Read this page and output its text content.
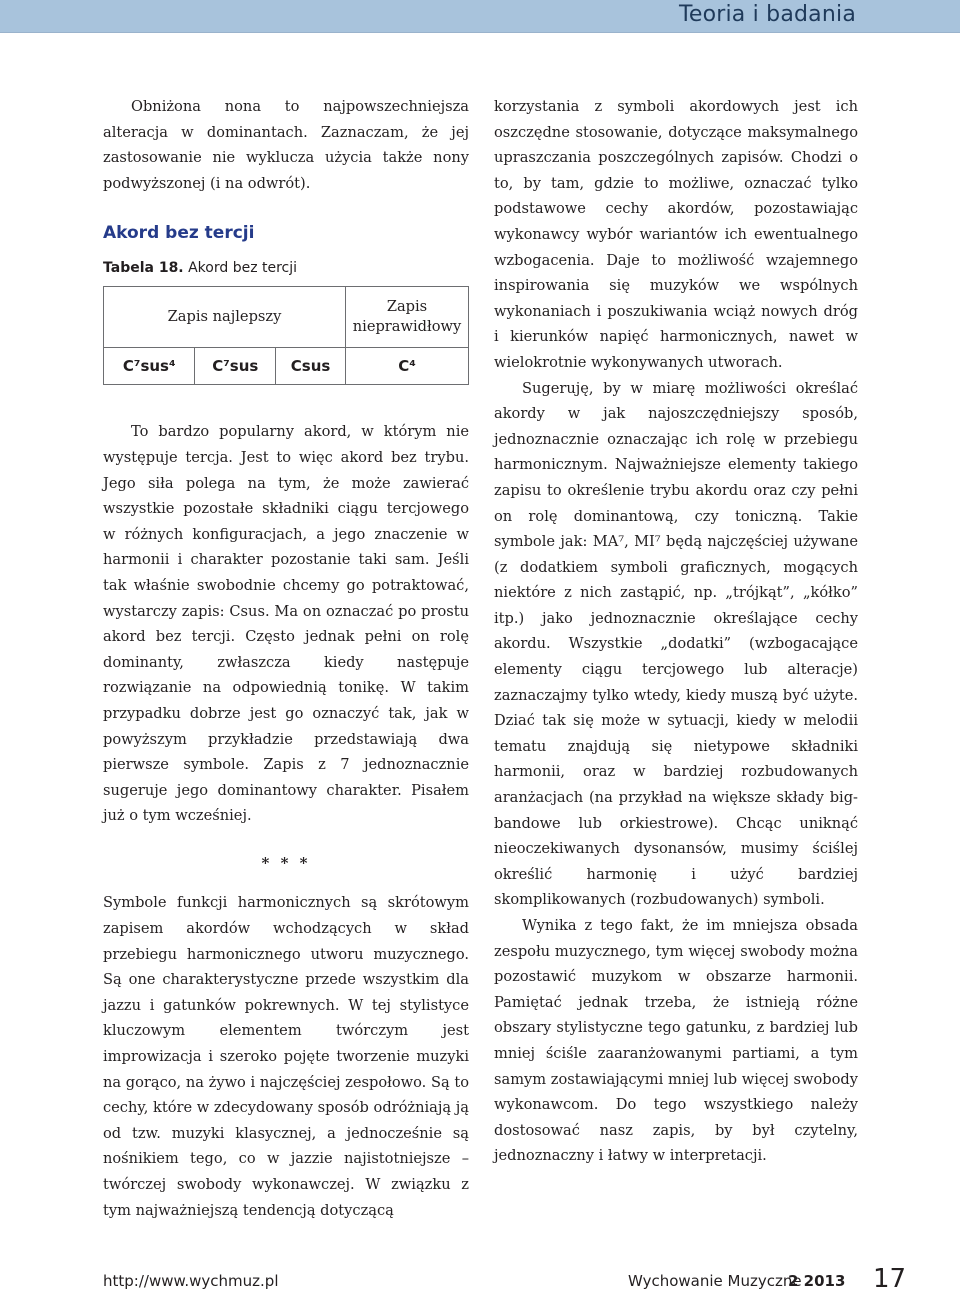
Teoria i badania

Obniżona nona to najpowszechniejsza alteracja w dominantach. Zaznaczam, że jej zastosowanie nie wyklucza użycia także nony podwyższonej (i na odwrót).

Akord bez tercji
Tabela 18. Akord bez tercji
Zapis najlepszy			Zapis nieprawidłowy
C⁷sus⁴	C⁷sus	Csus	C⁴

To bardzo popularny akord, w którym nie występuje tercja. Jest to więc akord bez trybu. Jego siła polega na tym, że może zawierać wszystkie pozostałe składniki ciągu tercjowego w różnych konfiguracjach, a jego znaczenie w harmonii i charakter pozostanie taki sam. Jeśli tak właśnie swobodnie chcemy go potraktować, wystarczy zapis: Csus. Ma on oznaczać po prostu akord bez tercji. Często jednak pełni on rolę dominanty, zwłaszcza kiedy następuje rozwiązanie na odpowiednią tonikę. W takim przypadku dobrze jest go oznaczyć tak, jak w powyższym przykładzie przedstawiają dwa pierwsze symbole. Zapis z 7 jednoznacznie sugeruje jego dominantowy charakter. Pisałem już o tym wcześniej.

* * *

Symbole funkcji harmonicznych są skrótowym zapisem akordów wchodzących w skład przebiegu harmonicznego utworu muzycznego. Są one charakterystyczne przede wszystkim dla jazzu i gatunków pokrewnych. W tej stylistyce kluczowym elementem twórczym jest improwizacja i szeroko pojęte tworzenie muzyki na gorąco, na żywo i najczęściej zespołowo. Są to cechy, które w zdecydowany sposób odróżniają ją od tzw. muzyki klasycznej, a jednocześnie są nośnikiem tego, co w jazzie najistotniejsze – twórczej swobody wykonawczej. W związku z tym najważniejszą tendencją dotyczącą

korzystania z symboli akordowych jest ich oszczędne stosowanie, dotyczące maksymalnego upraszczania poszczególnych zapisów. Chodzi o to, by tam, gdzie to możliwe, oznaczać tylko podstawowe cechy akordów, pozostawiając wykonawcy wybór wariantów ich ewentualnego wzbogacenia. Daje to możliwość wzajemnego inspirowania się muzyków we wspólnych wykonaniach i poszukiwania wciąż nowych dróg i kierunków napięć harmonicznych, nawet w wielokrotnie wykonywanych utworach.

Sugeruję, by w miarę możliwości określać akordy w jak najoszczędniejszy sposób, jednoznacznie oznaczając ich rolę w przebiegu harmonicznym. Najważniejsze elementy takiego zapisu to określenie trybu akordu oraz czy pełni on rolę dominantową, czy toniczną. Takie symbole jak: MA⁷, MI⁷ będą najczęściej używane (z dodatkiem symboli graficznych, mogących niektóre z nich zastąpić, np. „trójkąt”, „kółko” itp.) jako jednoznacznie określające cechy akordu. Wszystkie „dodatki” (wzbogacające elementy ciągu tercjowego lub alteracje) zaznaczajmy tylko wtedy, kiedy muszą być użyte. Dziać tak się może w sytuacji, kiedy w melodii tematu znajdują się nietypowe składniki harmonii, oraz w bardziej rozbudowanych aranżacjach (na przykład na większe składy big-bandowe lub orkiestrowe). Chcąc uniknąć nieoczekiwanych dysonansów, musimy ściślej określić harmonię i użyć bardziej skomplikowanych (rozbudowanych) symboli.

Wynika z tego fakt, że im mniejsza obsada zespołu muzycznego, tym więcej swobody można pozostawić muzykom w obszarze harmonii. Pamiętać jednak trzeba, że istnieją różne obszary stylistyczne tego gatunku, z bardziej lub mniej ściśle zaaranżowanymi partiami, a tym samym zostawiającymi mniej lub więcej swobody wykonawcom. Do tego wszystkiego należy dostosować nasz zapis, by był czytelny, jednoznaczny i łatwy w interpretacji.

http://www.wychmuz.pl	Wychowanie Muzyczne
2 2013 17
